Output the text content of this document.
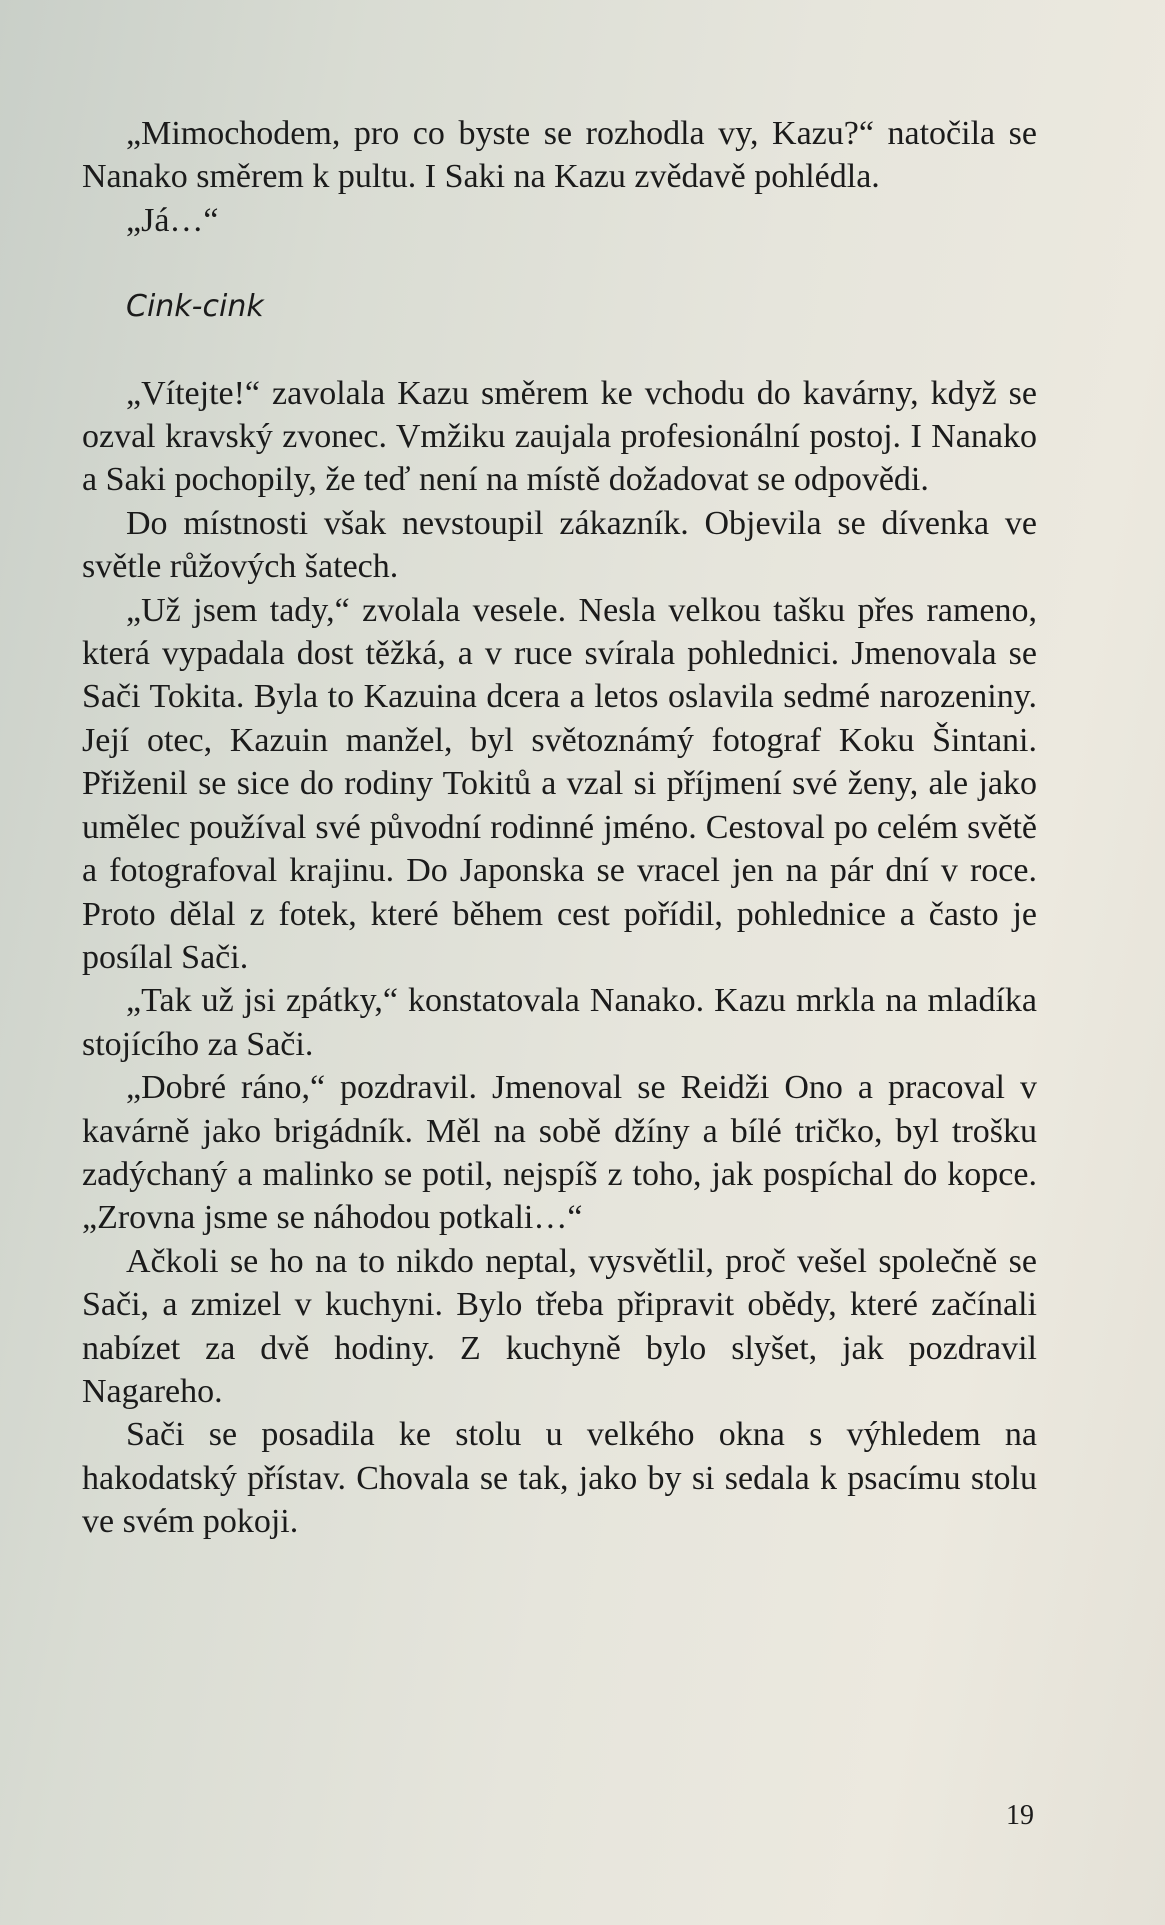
„Mimochodem, pro co byste se rozhodla vy, Kazu?“ natočila se Nanako směrem k pultu. I Saki na Kazu zvědavě pohlédla.

„Já…“

Cink-cink

„Vítejte!“ zavolala Kazu směrem ke vchodu do kavárny, když se ozval kravský zvonec. Vmžiku zaujala profesionální postoj. I Nanako a Saki pochopily, že teď není na místě dožadovat se odpovědi.

Do místnosti však nevstoupil zákazník. Objevila se dívenka ve světle růžových šatech.

„Už jsem tady,“ zvolala vesele. Nesla velkou tašku přes rameno, která vypadala dost těžká, a v ruce svírala pohlednici. Jmenovala se Sači Tokita. Byla to Kazuina dcera a letos oslavila sedmé narozeniny. Její otec, Kazuin manžel, byl světoznámý fotograf Koku Šintani. Přiženil se sice do rodiny Tokitů a vzal si příjmení své ženy, ale jako umělec používal své původní rodinné jméno. Cestoval po celém světě a fotografoval krajinu. Do Japonska se vracel jen na pár dní v roce. Proto dělal z fotek, které během cest pořídil, pohlednice a často je posílal Sači.

„Tak už jsi zpátky,“ konstatovala Nanako. Kazu mrkla na mladíka stojícího za Sači.

„Dobré ráno,“ pozdravil. Jmenoval se Reidži Ono a pracoval v kavárně jako brigádník. Měl na sobě džíny a bílé tričko, byl trošku zadýchaný a malinko se potil, nejspíš z toho, jak pospíchal do kopce. „Zrovna jsme se náhodou potkali…“

Ačkoli se ho na to nikdo neptal, vysvětlil, proč vešel společně se Sači, a zmizel v kuchyni. Bylo třeba připravit obědy, které začínali nabízet za dvě hodiny. Z kuchyně bylo slyšet, jak pozdravil Nagareho.

Sači se posadila ke stolu u velkého okna s výhledem na hakodatský přístav. Chovala se tak, jako by si sedala k psacímu stolu ve svém pokoji.

19
